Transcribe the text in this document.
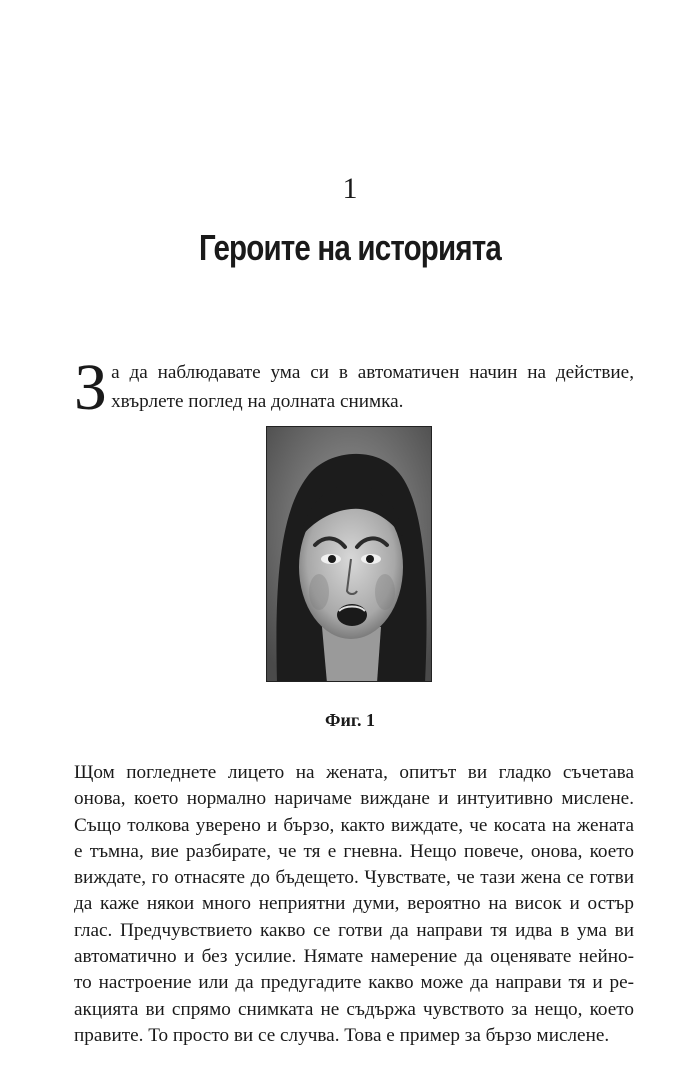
1
Героите на историята
З а да наблюдавате ума си в автоматичен начин на действие,
хвърлете поглед на долната снимка.
Фиг. 1
Щом погледнете лицето на жената, опитът ви гладко съчетава
онова, което нормално наричаме виждане и интуитивно мислене.
Също толкова уверено и бързо, както виждате, че косата на жената
е тъмна, вие разбирате, че тя е гневна. Нещо повече, онова, което
виждате, го отнасяте до бъдещето. Чувствате, че тази жена се готви
да каже някои много неприятни думи, вероятно на висок и остър
глас. Предчувствието какво се готви да направи тя идва в ума ви
автоматично и без усилие. Нямате намерение да оценявате нейно-
то настроение или да предугадите какво може да направи тя и ре-
акцията ви спрямо снимката не съдържа чувството за нещо, което
правите. То просто ви се случва. Това е пример за бързо мислене.
